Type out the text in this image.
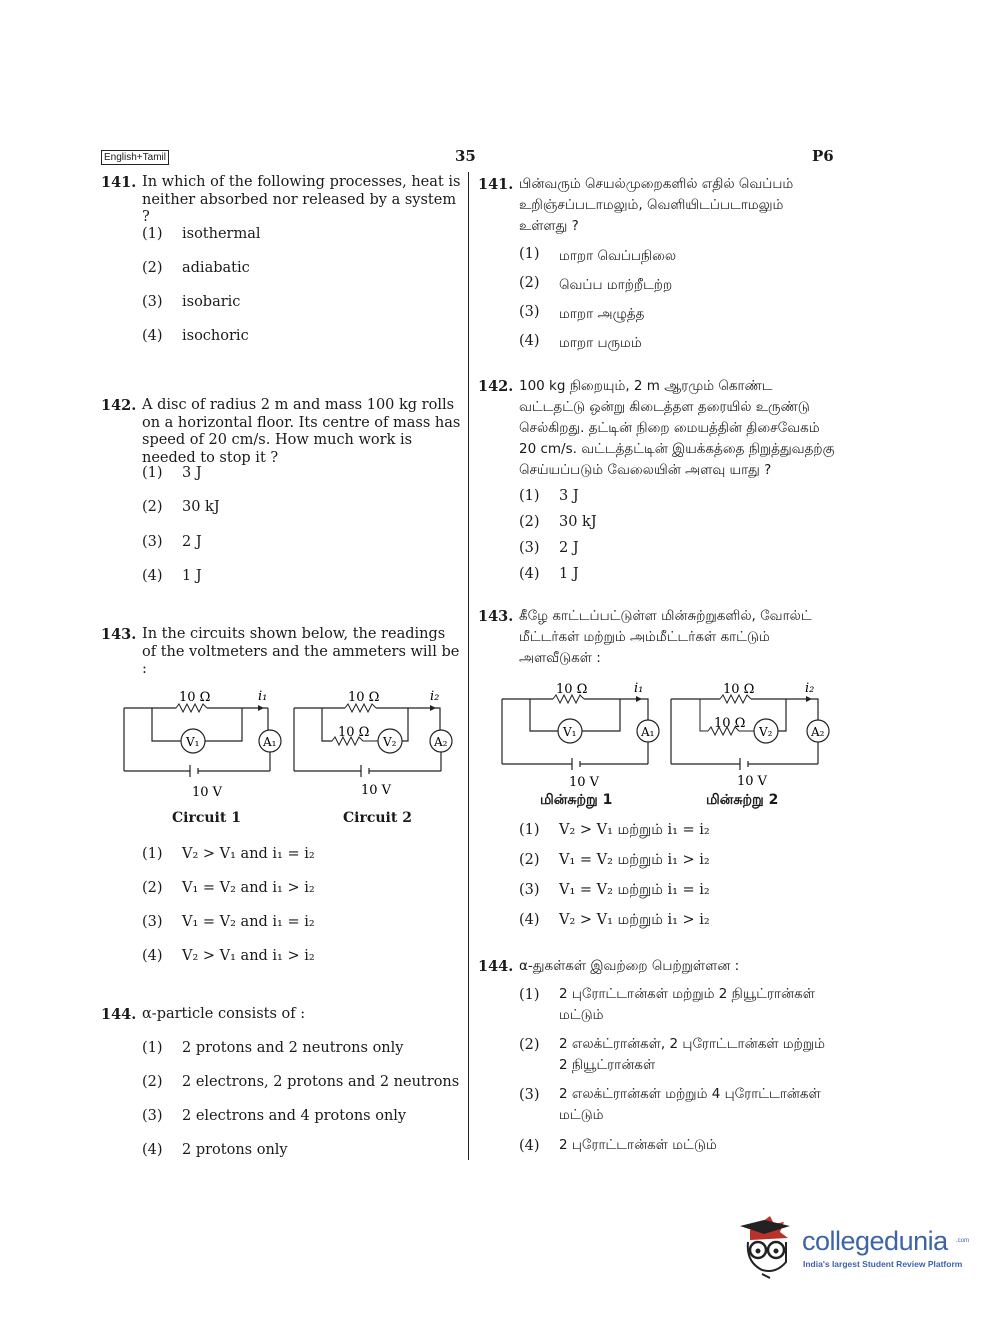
English+Tamil	35	P6
141. In which of the following processes, heat is neither absorbed nor released by a system ?
(1) isothermal
(2) adiabatic
(3) isobaric
(4) isochoric
142. A disc of radius 2 m and mass 100 kg rolls on a horizontal floor. Its centre of mass has speed of 20 cm/s. How much work is needed to stop it ?
(1) 3 J
(2) 30 kJ
(3) 2 J
(4) 1 J
143. In the circuits shown below, the readings of the voltmeters and the ammeters will be :
10 Ω	i₁
V₁	A₁
10 V
10 Ω	i₂
10 Ω
V₂	A₂
10 V
Circuit 1	Circuit 2
(1) V₂ > V₁ and i₁ = i₂
(2) V₁ = V₂ and i₁ > i₂
(3) V₁ = V₂ and i₁ = i₂
(4) V₂ > V₁ and i₁ > i₂
144. α-particle consists of :
(1) 2 protons and 2 neutrons only
(2) 2 electrons, 2 protons and 2 neutrons
(3) 2 electrons and 4 protons only
(4) 2 protons only
141. பின்வரும் செயல்முறைகளில் எதில் வெப்பம்
உறிஞ்சப்படாமலும், வெளியிடப்படாமலும்
உள்ளது ?
(1) மாறா வெப்பநிலை
(2) வெப்ப மாற்றீடற்ற
(3) மாறா அழுத்த
(4) மாறா பருமம்
142. 100 kg நிறையும், 2 m ஆரமும் கொண்ட
வட்டதட்டு ஒன்று கிடைத்தள தரையில் உருண்டு
செல்கிறது. தட்டின் நிறை மையத்தின் திசைவேகம்
20 cm/s. வட்டத்தட்டின் இயக்கத்தை நிறுத்துவதற்கு
செய்யப்படும் வேலையின் அளவு யாது ?
(1) 3 J
(2) 30 kJ
(3) 2 J
(4) 1 J
143. கீழே காட்டப்பட்டுள்ள மின்சுற்றுகளில், வோல்ட்
மீட்டர்கள் மற்றும் அம்மீட்டர்கள் காட்டும்
அளவீடுகள் :
10 Ω	i₁
V₁	A₁
10 V
10 Ω	i₂
10 Ω
V₂	A₂
10 V
மின்சுற்று 1	மின்சுற்று 2
(1) V₂ > V₁ மற்றும் i₁ = i₂
(2) V₁ = V₂ மற்றும் i₁ > i₂
(3) V₁ = V₂ மற்றும் i₁ = i₂
(4) V₂ > V₁ மற்றும் i₁ > i₂
144. α-துகள்கள் இவற்றை பெற்றுள்ளன :
(1) 2 புரோட்டான்கள் மற்றும் 2 நியூட்ரான்கள்
மட்டும்
(2) 2 எலக்ட்ரான்கள், 2 புரோட்டான்கள் மற்றும்
2 நியூட்ரான்கள்
(3) 2 எலக்ட்ரான்கள் மற்றும் 4 புரோட்டான்கள்
மட்டும்
(4) 2 புரோட்டான்கள் மட்டும்
collegedunia .com
India's largest Student Review Platform
